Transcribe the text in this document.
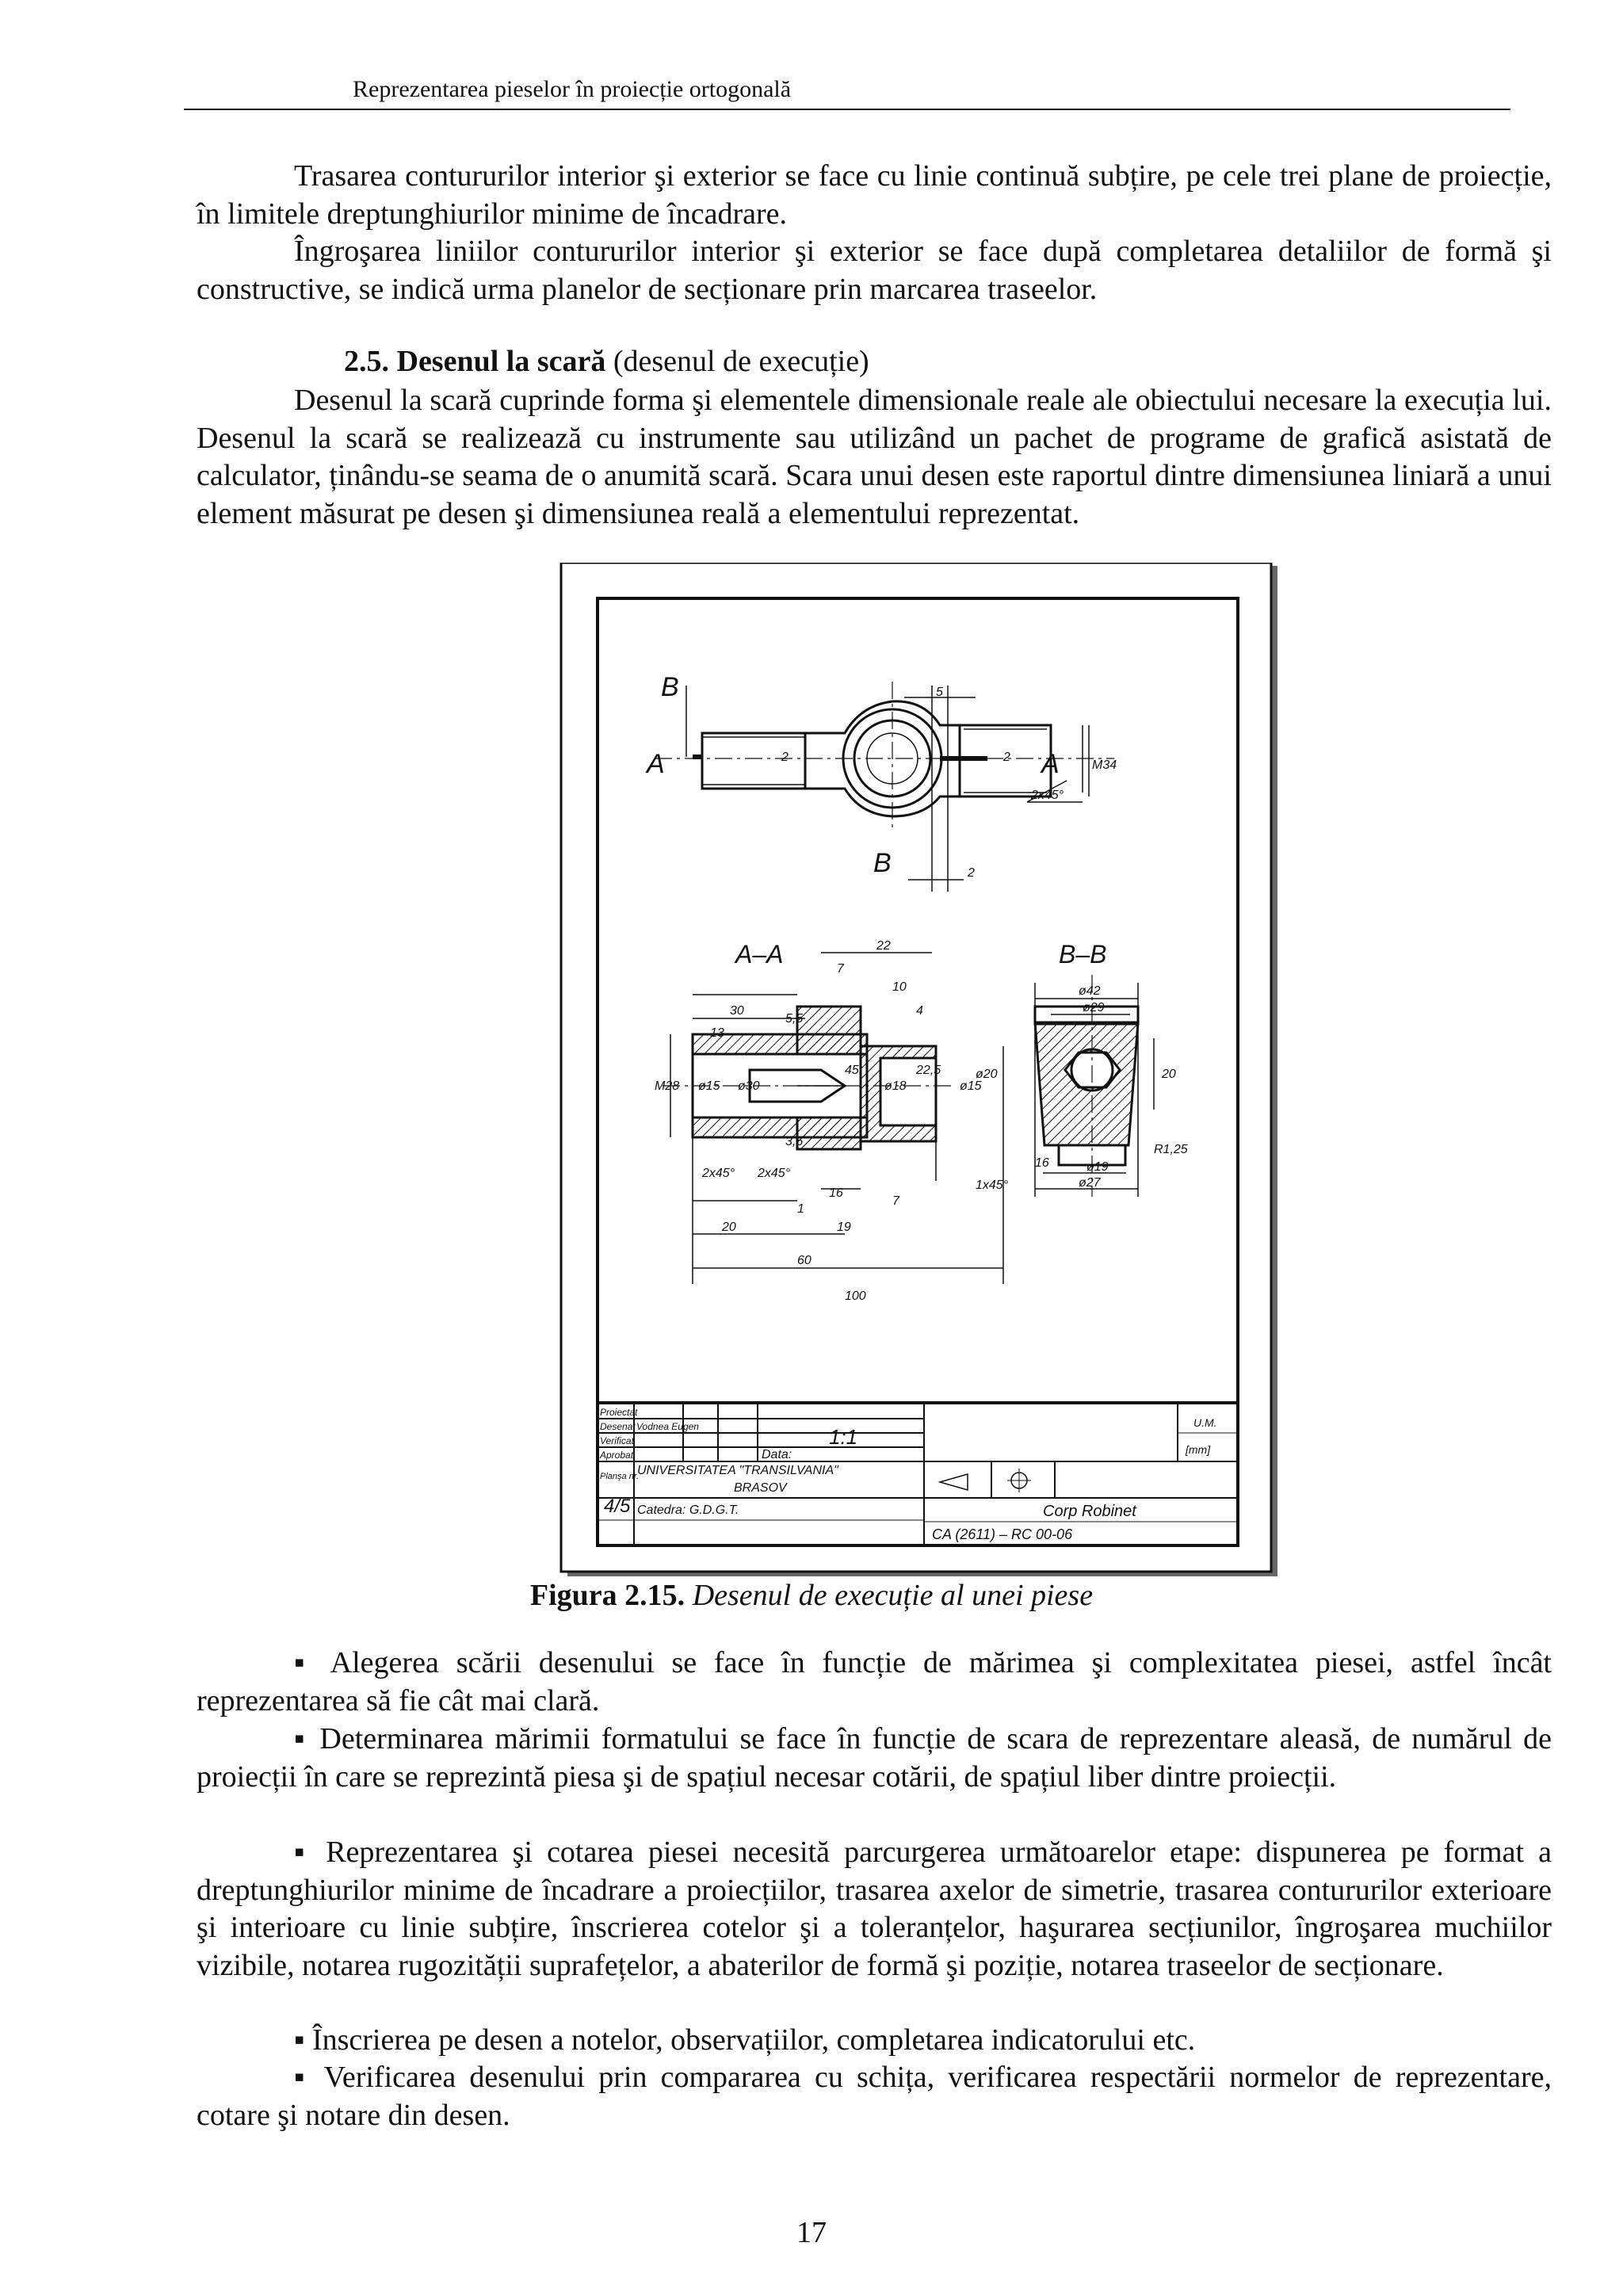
Reprezentarea pieselor în proiecție ortogonală

Trasarea contururilor interior şi exterior se face cu linie continuă subțire, pe cele trei plane de proiecție, în limitele dreptunghiurilor minime de încadrare.

Îngroşarea liniilor contururilor interior şi exterior se face după completarea detaliilor de formă şi constructive, se indică urma planelor de secționare prin marcarea traseelor.

2.5. Desenul la scară (desenul de execuție)

Desenul la scară cuprinde forma şi elementele dimensionale reale ale obiectului necesare la execuția lui. Desenul la scară se realizează cu instrumente sau utilizând un pachet de programe de grafică asistată de calculator, ținându-se seama de o anumită scară. Scara unui desen este raportul dintre dimensiunea liniară a unui element măsurat pe desen şi dimensiunea reală a elementului reprezentat.

B
A	A
B
5
2	2
M34
2x45°
2
A–A	B–B
22
7
10
4
30
13
5,5
45	22,5
M28 ø15 ø30	ø18	ø15
ø20
3,5
2x45° 2x45°
16
1
7
19
1x45°
20
60
100
ø42
ø29
20
R1,25
ø19
ø27
16
Proiectat
Desenat
Verificat
Aprobat
Vodnea Eugen	1:1
U.M.
[mm]
Data:
Planşa nr.
4/5
UNIVERSITATEA "TRANSILVANIA"
BRASOV
Catedra: G.D.G.T.	Corp Robinet
CA (2611) – RC 00-06
Figura 2.15. Desenul de execuție al unei piese

▪ Alegerea scării desenului se face în funcție de mărimea şi complexitatea piesei, astfel încât reprezentarea să fie cât mai clară.

▪ Determinarea mărimii formatului se face în funcție de scara de reprezentare aleasă, de numărul de proiecții în care se reprezintă piesa şi de spațiul necesar cotării, de spațiul liber dintre proiecții.

▪ Reprezentarea şi cotarea piesei necesită parcurgerea următoarelor etape: dispunerea pe format a dreptunghiurilor minime de încadrare a proiecțiilor, trasarea axelor de simetrie, trasarea contururilor exterioare şi interioare cu linie subțire, înscrierea cotelor şi a toleranțelor, haşurarea secțiunilor, îngroşarea muchiilor vizibile, notarea rugozității suprafețelor, a abaterilor de formă şi poziție, notarea traseelor de secționare.

▪ Înscrierea pe desen a notelor, observațiilor, completarea indicatorului etc.

▪ Verificarea desenului prin compararea cu schița, verificarea respectării normelor de reprezentare, cotare şi notare din desen.

17
